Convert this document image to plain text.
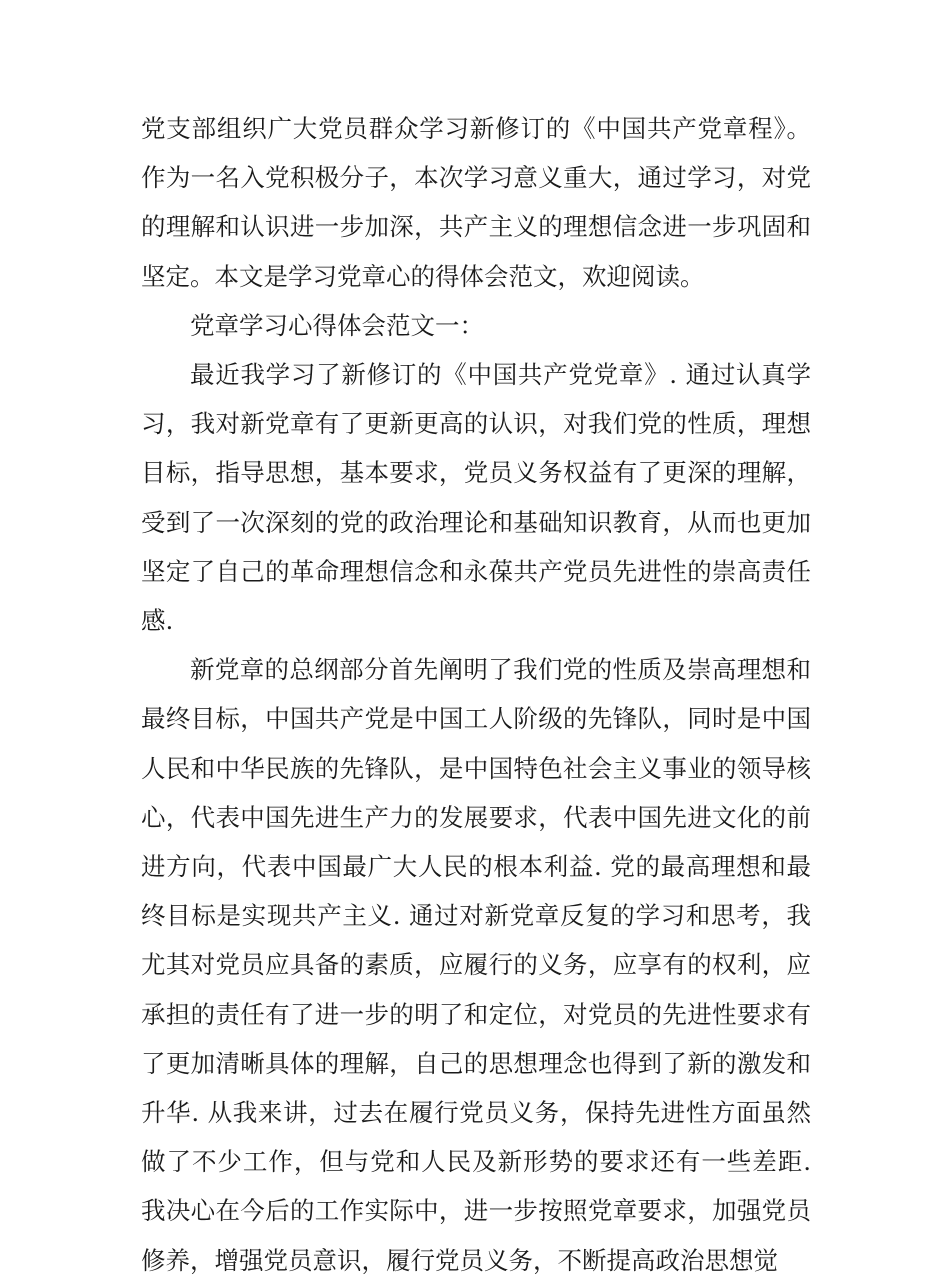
党支部组织广大党员群众学习新修订的《中国共产党章程》。作为一名入党积极分子，本次学习意义重大，通过学习，对党的理解和认识进一步加深，共产主义的理想信念进一步巩固和坚定。本文是学习党章心的得体会范文，欢迎阅读。

党章学习心得体会范文一：

最近我学习了新修订的《中国共产党党章》. 通过认真学习，我对新党章有了更新更高的认识，对我们党的性质，理想目标，指导思想，基本要求，党员义务权益有了更深的理解，受到了一次深刻的党的政治理论和基础知识教育，从而也更加坚定了自己的革命理想信念和永葆共产党员先进性的崇高责任感.

新党章的总纲部分首先阐明了我们党的性质及崇高理想和最终目标，中国共产党是中国工人阶级的先锋队，同时是中国人民和中华民族的先锋队，是中国特色社会主义事业的领导核心，代表中国先进生产力的发展要求，代表中国先进文化的前进方向，代表中国最广大人民的根本利益. 党的最高理想和最终目标是实现共产主义. 通过对新党章反复的学习和思考，我尤其对党员应具备的素质，应履行的义务，应享有的权利，应承担的责任有了进一步的明了和定位，对党员的先进性要求有了更加清晰具体的理解，自己的思想理念也得到了新的激发和升华. 从我来讲，过去在履行党员义务，保持先进性方面虽然做了不少工作，但与党和人民及新形势的要求还有一些差距. 我决心在今后的工作实际中，进一步按照党章要求，加强党员修养，增强党员意识，履行党员义务，不断提高政治思想觉
